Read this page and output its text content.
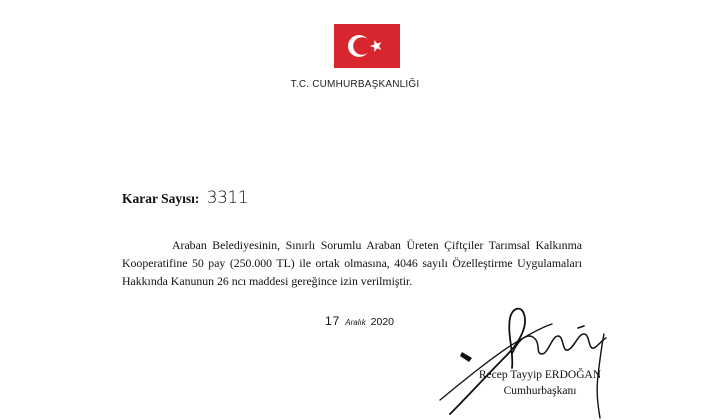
T.C. CUMHURBAŞKANLIĞI
Karar Sayısı: 3311

Araban Belediyesinin, Sınırlı Sorumlu Araban Üreten Çiftçiler Tarımsal Kalkınma Kooperatifine 50 pay (250.000 TL) ile ortak olmasına, 4046 sayılı Özelleştirme Uygulamaları Hakkında Kanunun 26 ncı maddesi gereğince izin verilmiştir.

17 Aralık 2020
Recep Tayyip ERDOĞAN
Cumhurbaşkanı
